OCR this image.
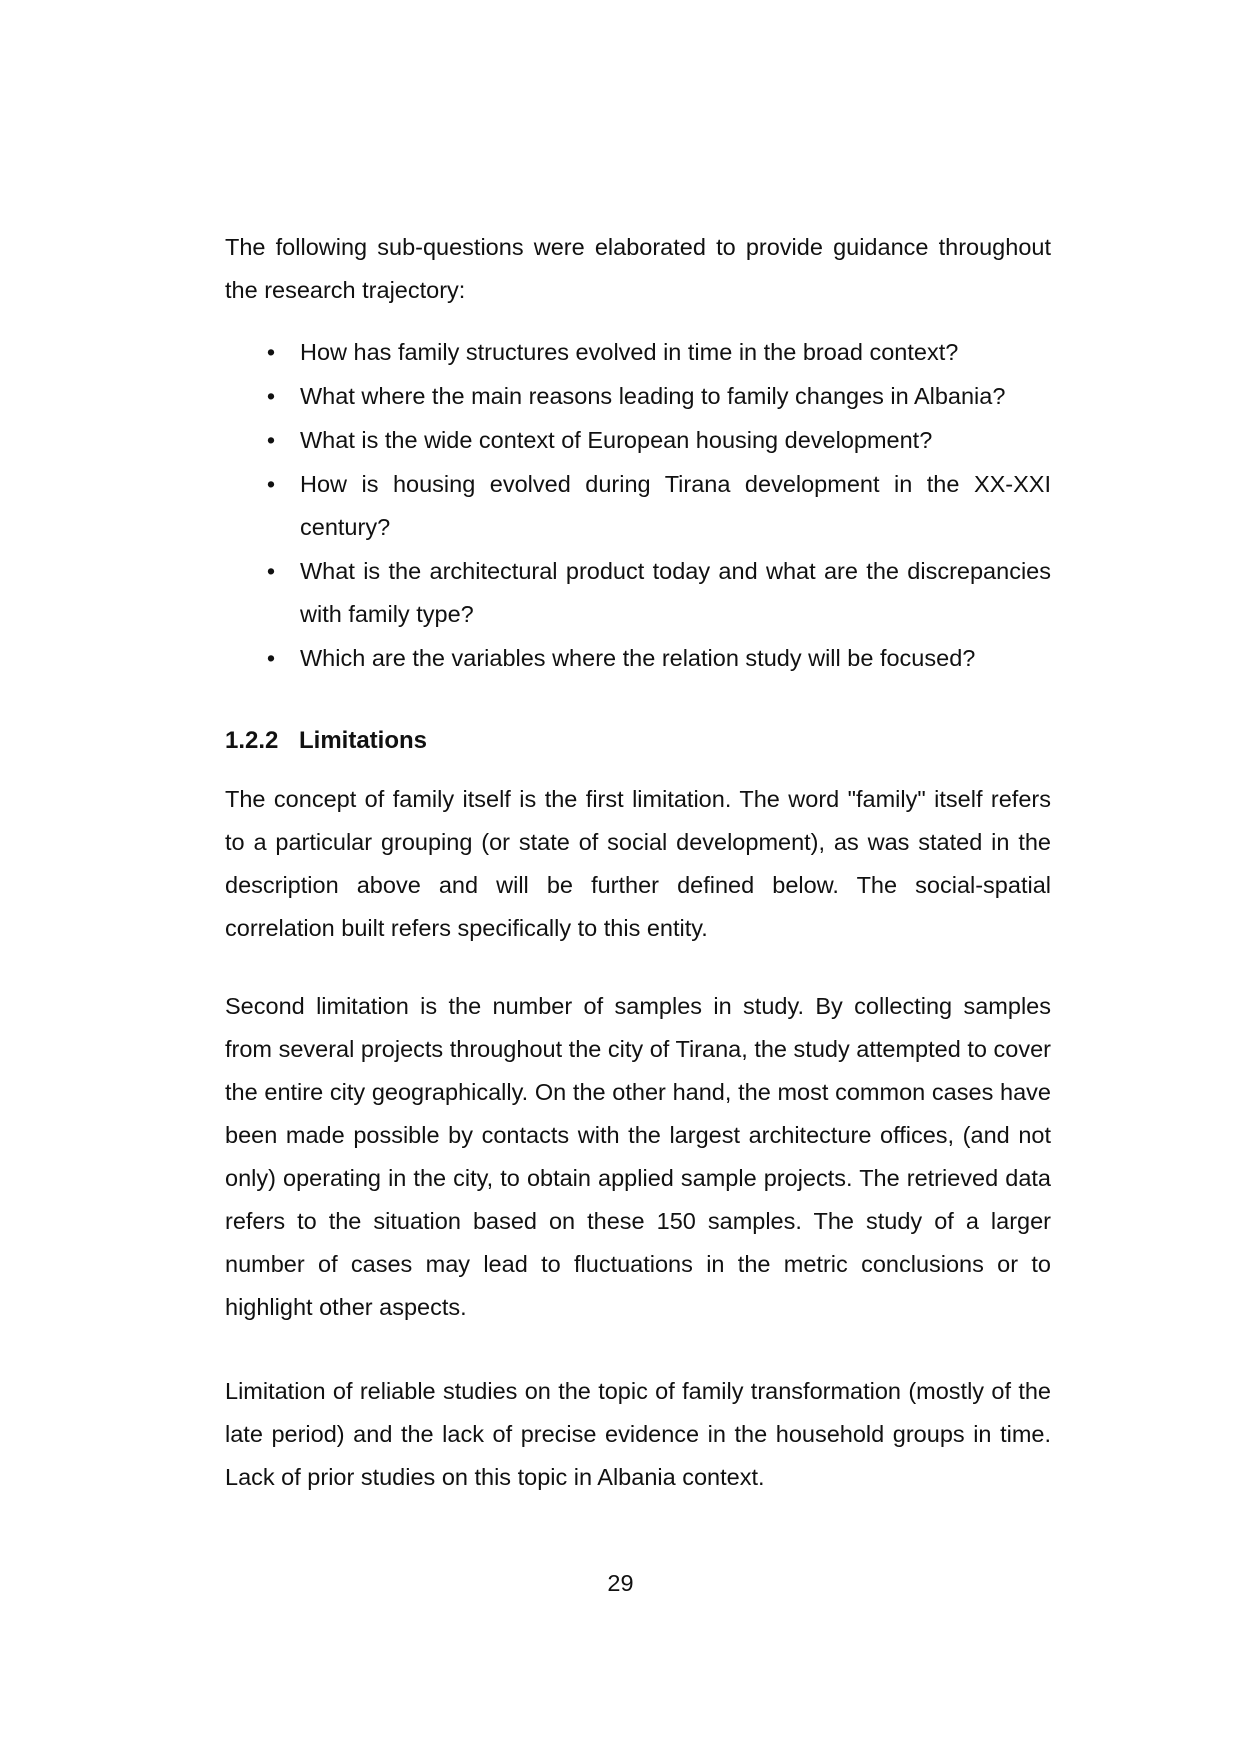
The following sub-questions were elaborated to provide guidance throughout the research trajectory:

• How has family structures evolved in time in the broad context?
• What where the main reasons leading to family changes in Albania?
• What is the wide context of European housing development?
• How is housing evolved during Tirana development in the XX-XXI century?
• What is the architectural product today and what are the discrepancies with family type?
• Which are the variables where the relation study will be focused?
1.2.2 Limitations

The concept of family itself is the first limitation. The word "family" itself refers to a particular grouping (or state of social development), as was stated in the description above and will be further defined below. The social-spatial correlation built refers specifically to this entity.

Second limitation is the number of samples in study. By collecting samples from several projects throughout the city of Tirana, the study attempted to cover the entire city geographically. On the other hand, the most common cases have been made possible by contacts with the largest architecture offices, (and not only) operating in the city, to obtain applied sample projects. The retrieved data refers to the situation based on these 150 samples. The study of a larger number of cases may lead to fluctuations in the metric conclusions or to highlight other aspects.

Limitation of reliable studies on the topic of family transformation (mostly of the late period) and the lack of precise evidence in the household groups in time. Lack of prior studies on this topic in Albania context.

29
